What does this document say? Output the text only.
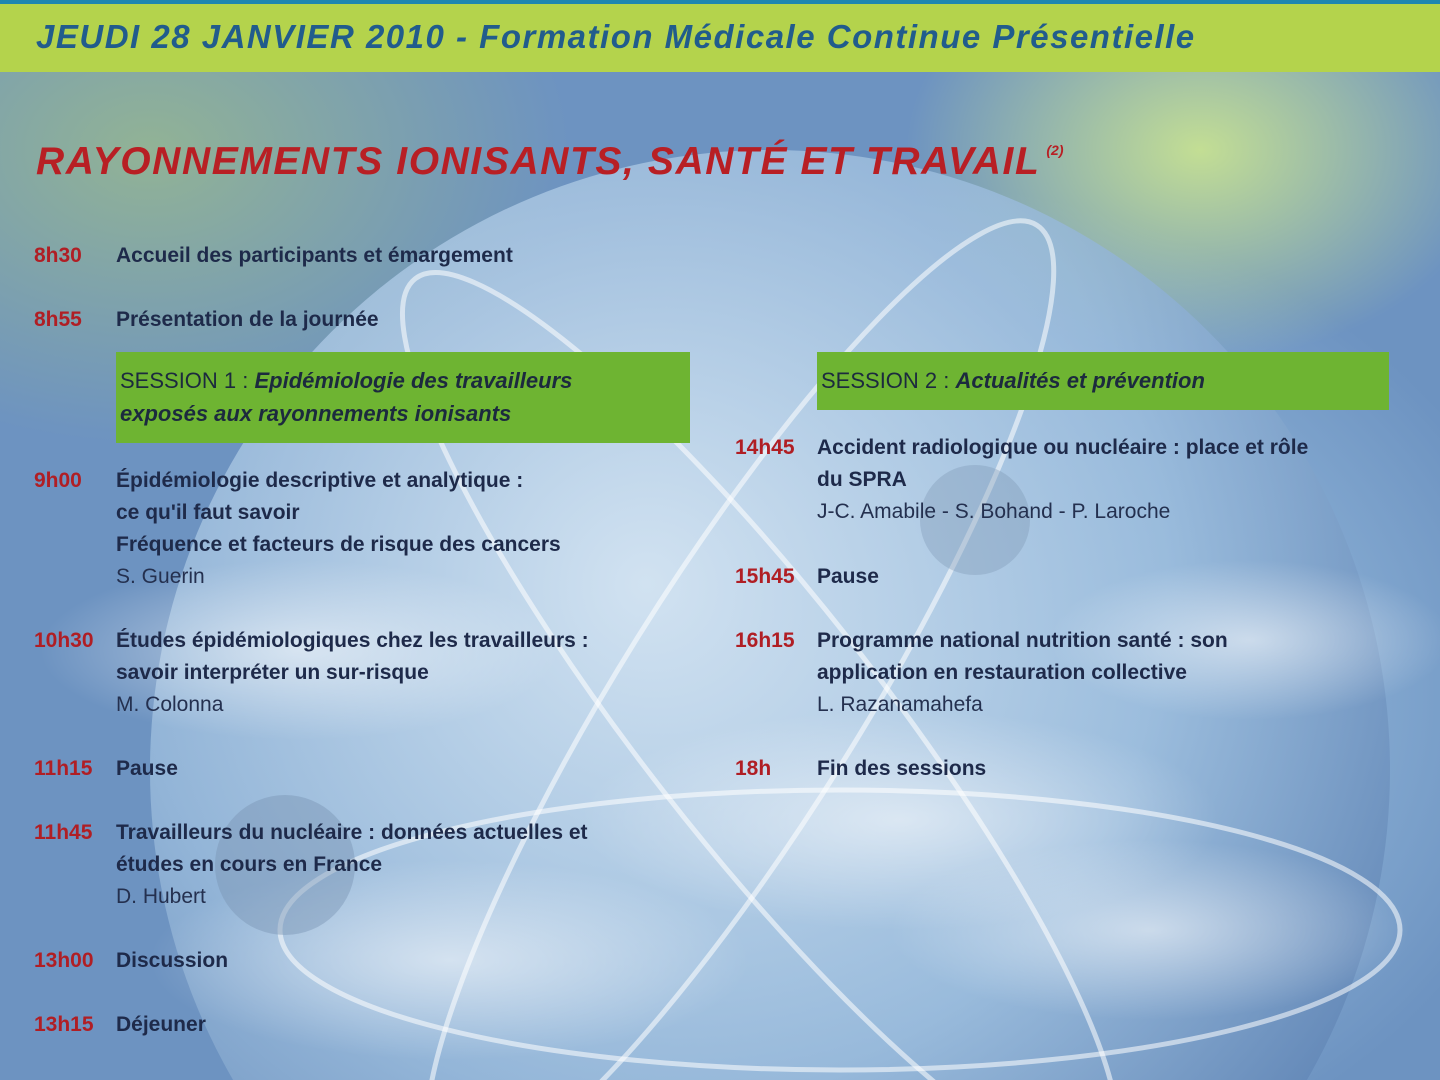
JEUDI 28 JANVIER 2010 - Formation Médicale Continue Présentielle
RAYONNEMENTS IONISANTS, SANTÉ ET TRAVAIL $^{(2)}$
8h30 Accueil des participants et émargement
8h55 Présentation de la journée
SESSION 1 : Epidémiologie des travailleurs
exposés aux rayonnements ionisants
9h00 Épidémiologie descriptive et analytique :
ce qu'il faut savoir
Fréquence et facteurs de risque des cancers
S. Guerin
10h30 Études épidémiologiques chez les travailleurs :
savoir interpréter un sur-risque
M. Colonna
11h15 Pause
11h45 Travailleurs du nucléaire : données actuelles et
études en cours en France
D. Hubert
13h00 Discussion
13h15 Déjeuner
SESSION 2 : Actualités et prévention
14h45 Accident radiologique ou nucléaire : place et rôle
du SPRA
J-C. Amabile - S. Bohand - P. Laroche
15h45 Pause
16h15 Programme national nutrition santé : son
application en restauration collective
L. Razanamahefa
18h Fin des sessions
